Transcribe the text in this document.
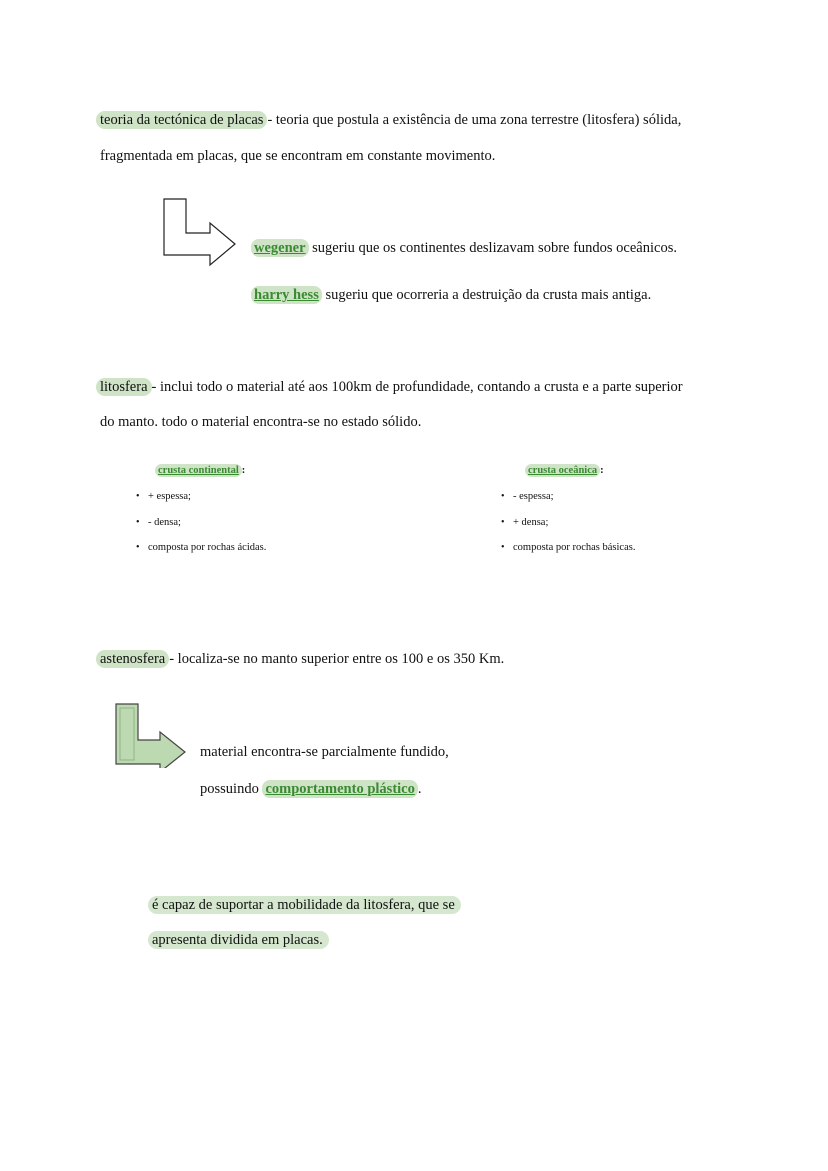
teoria da tectónica de placas - teoria que postula a existência de uma zona terrestre (litosfera) sólida,
fragmentada em placas, que se encontram em constante movimento.
wegener sugeriu que os continentes deslizavam sobre fundos oceânicos.
harry hess sugeriu que ocorreria a destruição da crusta mais antiga.
litosfera - inclui todo o material até aos 100km de profundidade, contando a crusta e a parte superior
do manto. todo o material encontra-se no estado sólido.
crusta continental :
• + espessa;
• - densa;
• composta por rochas ácidas.
crusta oceânica :
• - espessa;
• + densa;
• composta por rochas básicas.
astenosfera - localiza-se no manto superior entre os 100 e os 350 Km.
material encontra-se parcialmente fundido,
possuindo comportamento plástico .
é capaz de suportar a mobilidade da litosfera, que se
apresenta dividida em placas.
